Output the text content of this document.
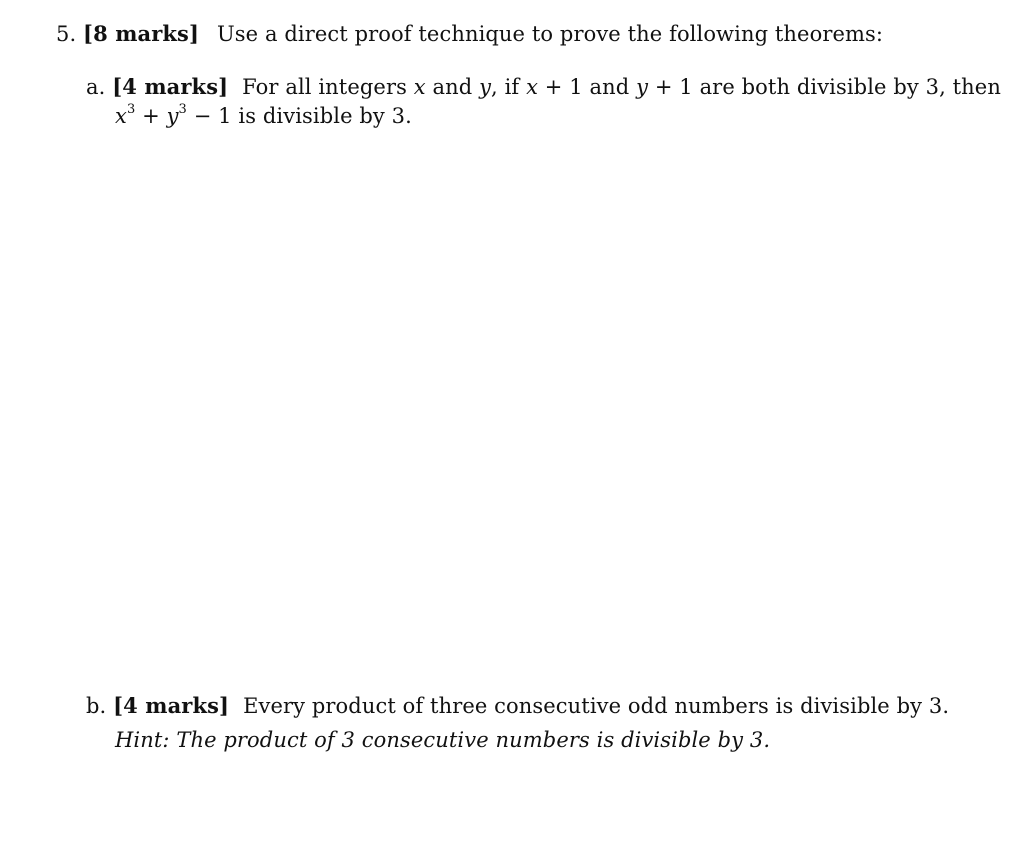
5. [8 marks] Use a direct proof technique to prove the following theorems:
a. [4 marks] For all integers x and y, if x + 1 and y + 1 are both divisible by 3, then
$x^3 + y^3 - 1$ is divisible by 3.
b. [4 marks] Every product of three consecutive odd numbers is divisible by 3.
Hint: The product of 3 consecutive numbers is divisible by 3.
